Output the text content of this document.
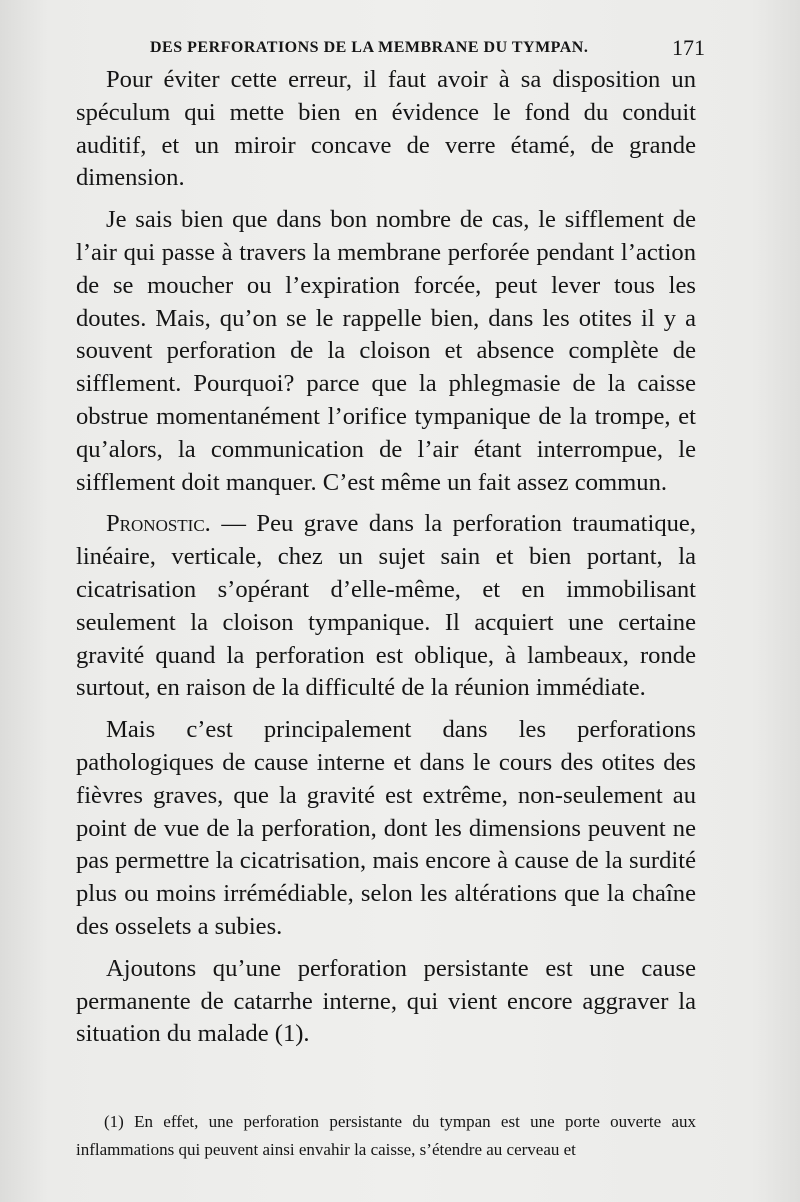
DES PERFORATIONS DE LA MEMBRANE DU TYMPAN.	171

Pour éviter cette erreur, il faut avoir à sa disposition un spéculum qui mette bien en évidence le fond du conduit auditif, et un miroir concave de verre étamé, de grande dimension.

Je sais bien que dans bon nombre de cas, le sifflement de l’air qui passe à travers la membrane perforée pendant l’action de se moucher ou l’expiration forcée, peut lever tous les doutes. Mais, qu’on se le rappelle bien, dans les otites il y a souvent perforation de la cloison et absence complète de sifflement. Pourquoi? parce que la phlegmasie de la caisse obstrue momentanément l’orifice tympanique de la trompe, et qu’alors, la communication de l’air étant interrompue, le sifflement doit manquer. C’est même un fait assez commun.

Pronostic. — Peu grave dans la perforation traumatique, linéaire, verticale, chez un sujet sain et bien portant, la cicatrisation s’opérant d’elle-même, et en immobilisant seulement la cloison tympanique. Il acquiert une certaine gravité quand la perforation est oblique, à lambeaux, ronde surtout, en raison de la difficulté de la réunion immédiate.

Mais c’est principalement dans les perforations pathologiques de cause interne et dans le cours des otites des fièvres graves, que la gravité est extrême, non-seulement au point de vue de la perforation, dont les dimensions peuvent ne pas permettre la cicatrisation, mais encore à cause de la surdité plus ou moins irrémédiable, selon les altérations que la chaîne des osselets a subies.

Ajoutons qu’une perforation persistante est une cause permanente de catarrhe interne, qui vient encore aggraver la situation du malade (1).

(1) En effet, une perforation persistante du tympan est une porte ouverte aux inflammations qui peuvent ainsi envahir la caisse, s’étendre au cerveau et
